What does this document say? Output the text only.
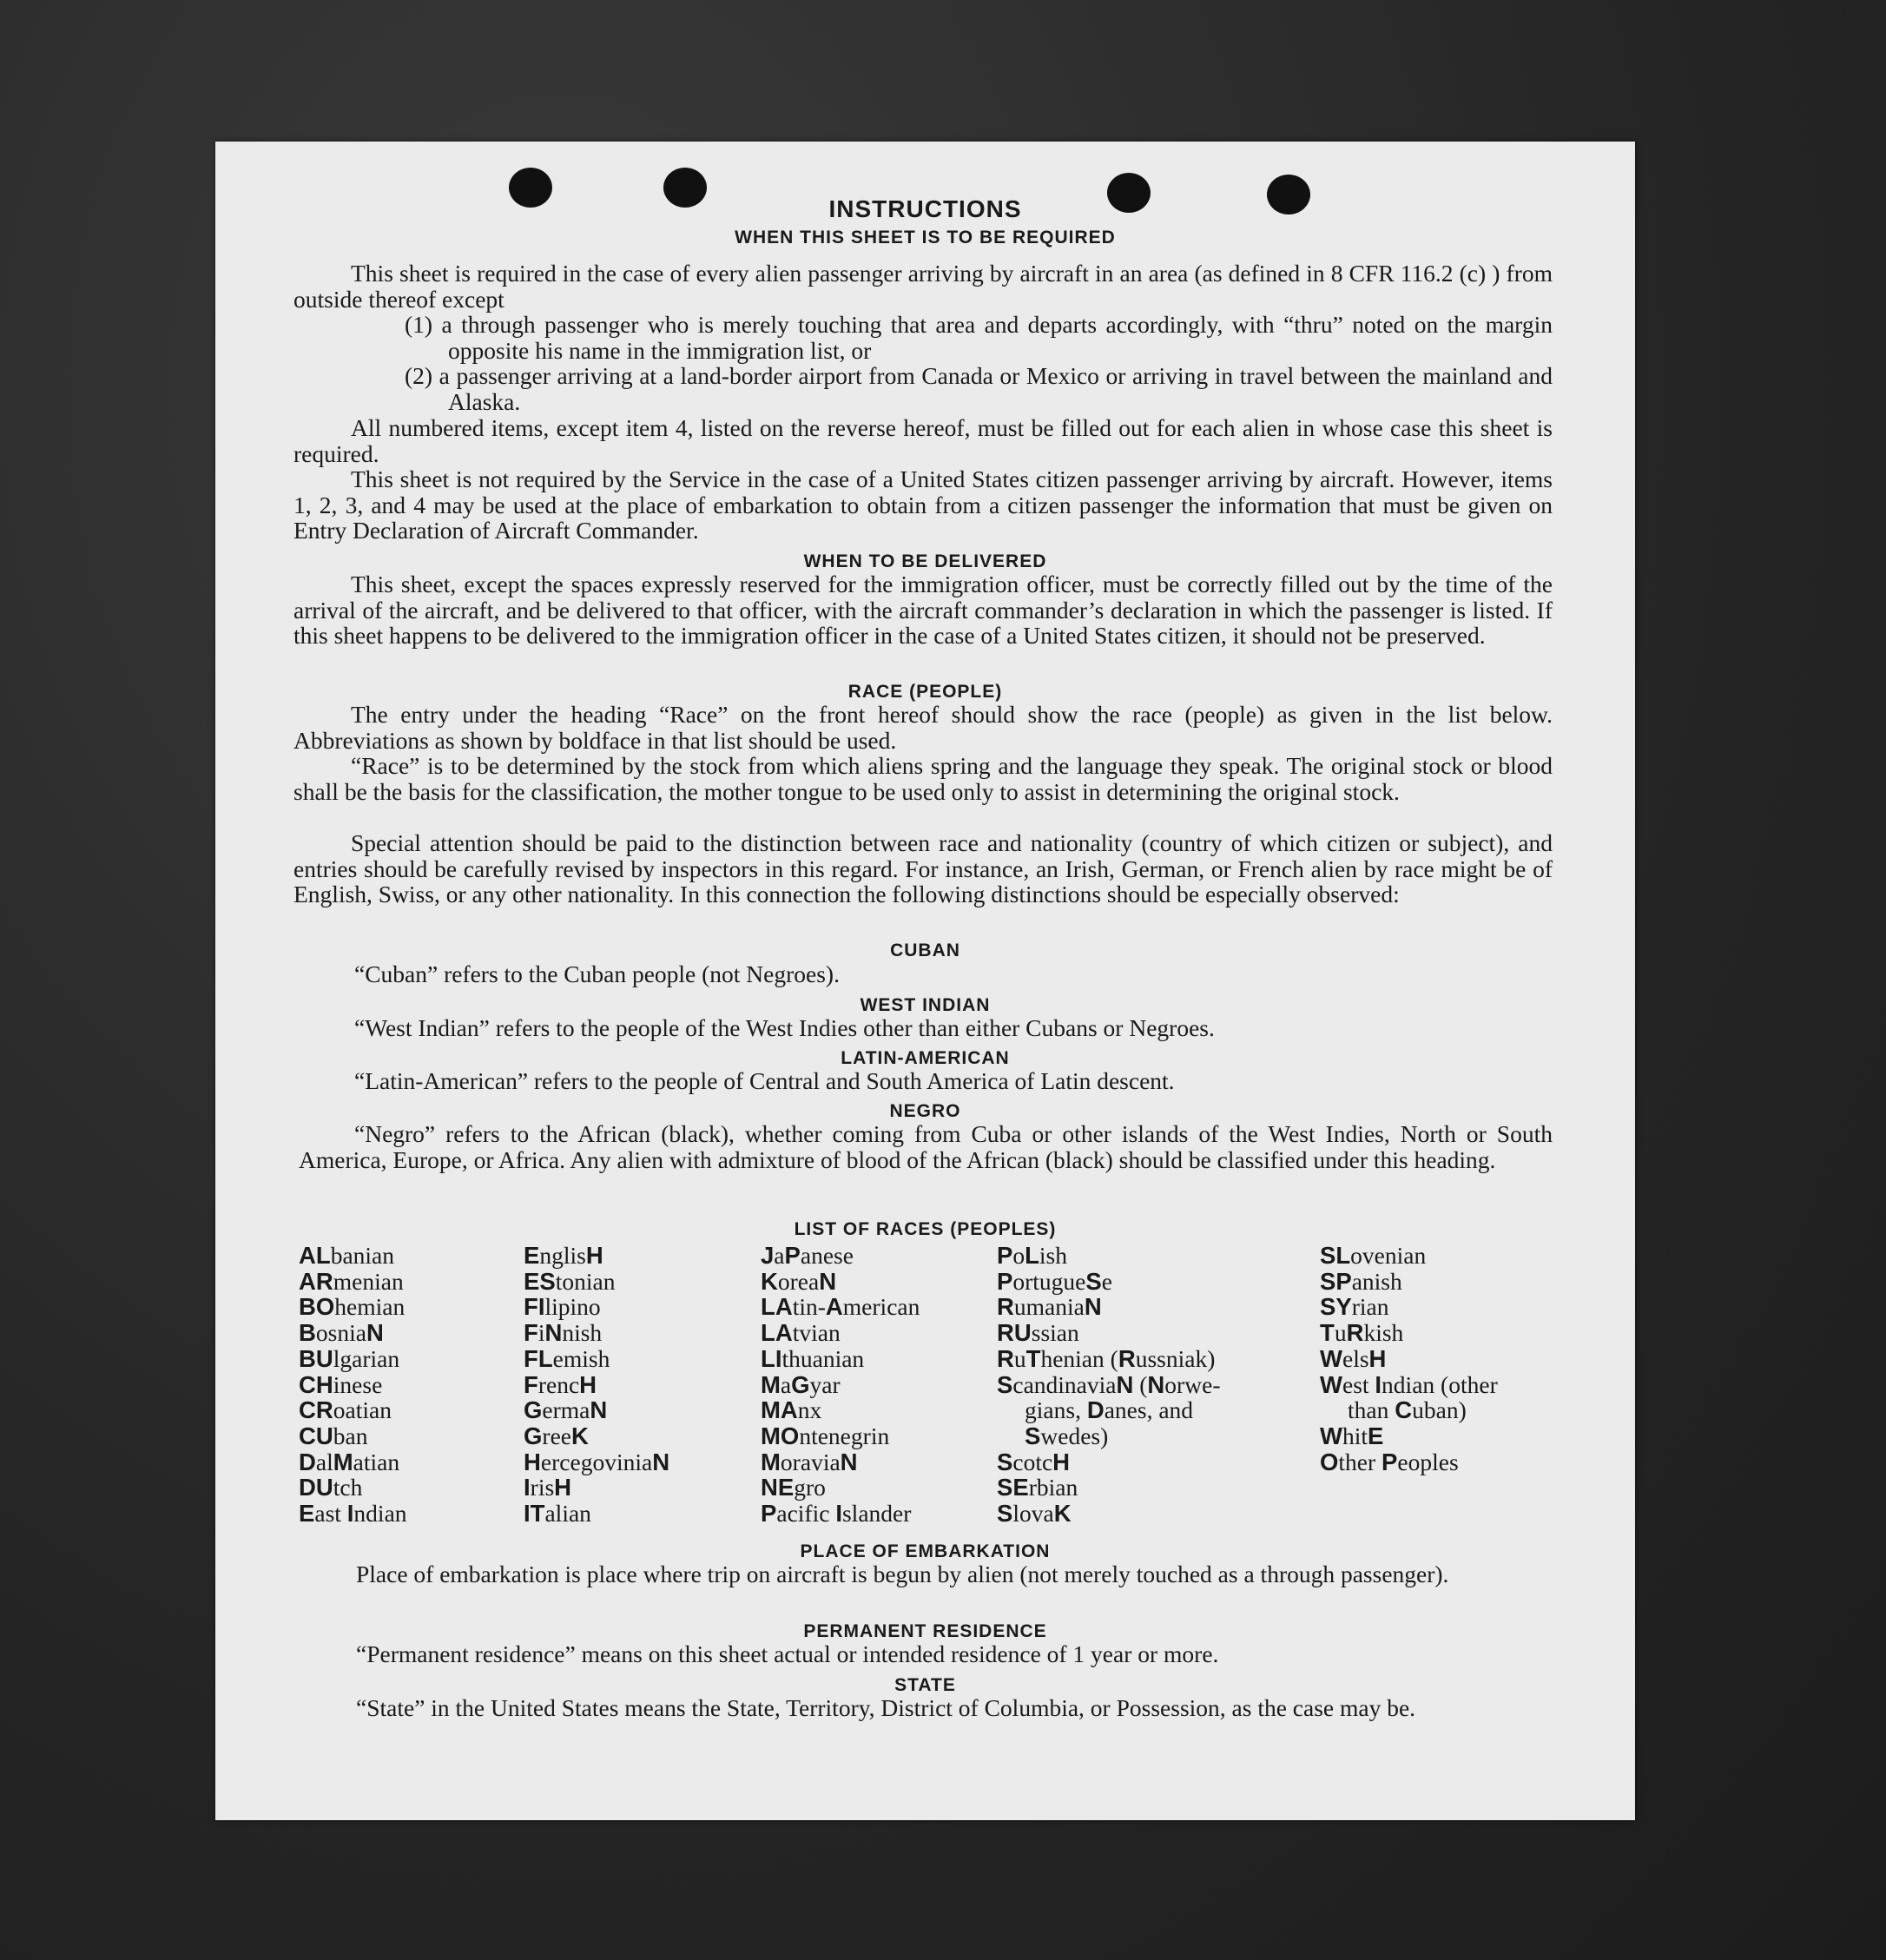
INSTRUCTIONS
WHEN THIS SHEET IS TO BE REQUIRED
This sheet is required in the case of every alien passenger arriving by aircraft in an area (as defined in 8 CFR 116.2 (c) ) from outside thereof except
(1) a through passenger who is merely touching that area and departs accordingly, with “thru” noted on the margin opposite his name in the immigration list, or
(2) a passenger arriving at a land-border airport from Canada or Mexico or arriving in travel between the mainland and Alaska.
All numbered items, except item 4, listed on the reverse hereof, must be filled out for each alien in whose case this sheet is required.
This sheet is not required by the Service in the case of a United States citizen passenger arriving by aircraft. However, items 1, 2, 3, and 4 may be used at the place of embarkation to obtain from a citizen passenger the information that must be given on Entry Declaration of Aircraft Commander.
WHEN TO BE DELIVERED
This sheet, except the spaces expressly reserved for the immigration officer, must be correctly filled out by the time of the arrival of the aircraft, and be delivered to that officer, with the aircraft commander’s declaration in which the passenger is listed. If this sheet happens to be delivered to the immigration officer in the case of a United States citizen, it should not be preserved.
RACE (PEOPLE)
The entry under the heading “Race” on the front hereof should show the race (people) as given in the list below. Abbreviations as shown by boldface in that list should be used.
“Race” is to be determined by the stock from which aliens spring and the language they speak. The original stock or blood shall be the basis for the classification, the mother tongue to be used only to assist in determining the original stock.
Special attention should be paid to the distinction between race and nationality (country of which citizen or subject), and entries should be carefully revised by inspectors in this regard. For instance, an Irish, German, or French alien by race might be of English, Swiss, or any other nationality. In this connection the following distinctions should be especially observed:
CUBAN
“Cuban” refers to the Cuban people (not Negroes).
WEST INDIAN
“West Indian” refers to the people of the West Indies other than either Cubans or Negroes.
LATIN-AMERICAN
“Latin-American” refers to the people of Central and South America of Latin descent.
NEGRO
“Negro” refers to the African (black), whether coming from Cuba or other islands of the West Indies, North or South America, Europe, or Africa. Any alien with admixture of blood of the African (black) should be classified under this heading.
LIST OF RACES (PEOPLES)
ALbanian
ARmenian
BOhemian
BosniaN
BUlgarian
CHinese
CRoatian
CUban
DalMatian
DUtch
East Indian
EnglisH
EStonian
FIlipino
FiNnish
FLemish
FrencH
GermaN
GreeK
HercegoviniaN
IrisH
ITalian
JaPanese
KoreaN
LAtin-American
LAtvian
LIthuanian
MaGyar
MAnx
MOntenegrin
MoraviaN
NEgro
Pacific Islander
PoLish
PortugueSe
RumaniaN
RUssian
RuThenian (Russniak)
ScandinaviaN (Norwe-
gians, Danes, and
Swedes)
ScotcH
SErbian
SlovaK
SLovenian
SPanish
SYrian
TuRkish
WelsH
West Indian (other
than Cuban)
WhitE
Other Peoples
PLACE OF EMBARKATION
Place of embarkation is place where trip on aircraft is begun by alien (not merely touched as a through passenger).
PERMANENT RESIDENCE
“Permanent residence” means on this sheet actual or intended residence of 1 year or more.
STATE
“State” in the United States means the State, Territory, District of Columbia, or Possession, as the case may be.
